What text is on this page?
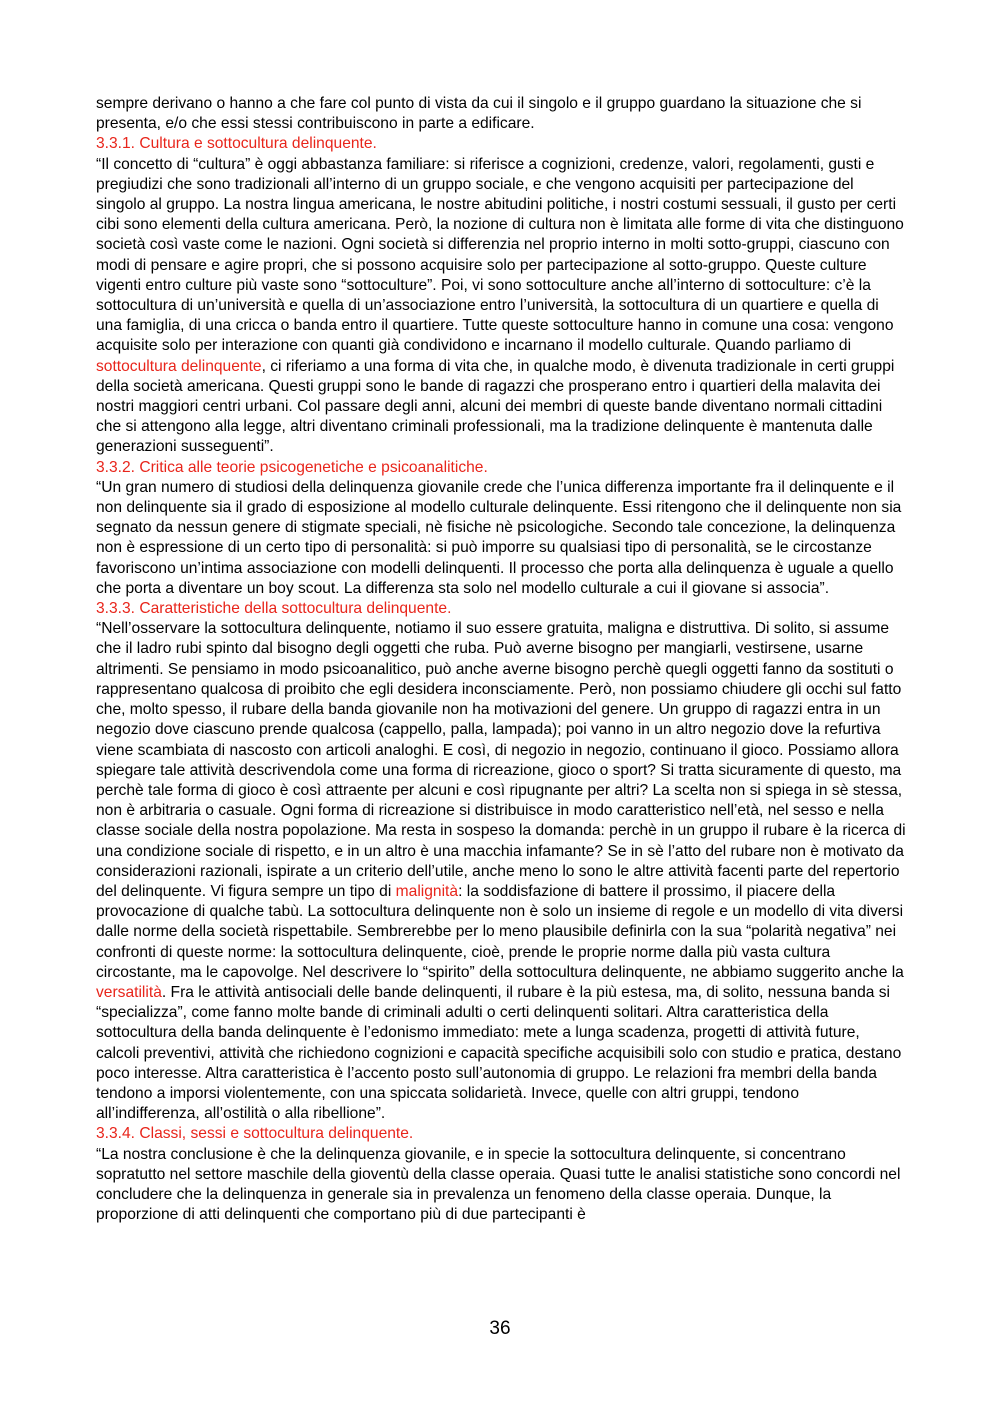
sempre derivano o hanno a che fare col punto di vista da cui il singolo e il gruppo guardano la situazione che si presenta, e/o che essi stessi contribuiscono in parte a edificare.

3.3.1. Cultura e sottocultura delinquente.

“Il concetto di “cultura” è oggi abbastanza familiare: si riferisce a cognizioni, credenze, valori, regolamenti, gusti e pregiudizi che sono tradizionali all’interno di un gruppo sociale, e che vengono acquisiti per partecipazione del singolo al gruppo. La nostra lingua americana, le nostre abitudini politiche, i nostri costumi sessuali, il gusto per certi cibi sono elementi della cultura americana. Però, la nozione di cultura non è limitata alle forme di vita che distinguono società così vaste come le nazioni. Ogni società si differenzia nel proprio interno in molti sotto-gruppi, ciascuno con modi di pensare e agire propri, che si possono acquisire solo per partecipazione al sotto-gruppo. Queste culture vigenti entro culture più vaste sono “sottoculture”. Poi, vi sono sottoculture anche all’interno di sottoculture: c’è la sottocultura di un’università e quella di un’associazione entro l’università, la sottocultura di un quartiere e quella di una famiglia, di una cricca o banda entro il quartiere. Tutte queste sottoculture hanno in comune una cosa: vengono acquisite solo per interazione con quanti già condividono e incarnano il modello culturale. Quando parliamo di sottocultura delinquente, ci riferiamo a una forma di vita che, in qualche modo, è divenuta tradizionale in certi gruppi della società americana. Questi gruppi sono le bande di ragazzi che prosperano entro i quartieri della malavita dei nostri maggiori centri urbani. Col passare degli anni, alcuni dei membri di queste bande diventano normali cittadini che si attengono alla legge, altri diventano criminali professionali, ma la tradizione delinquente è mantenuta dalle generazioni susseguenti”.

3.3.2. Critica alle teorie psicogenetiche e psicoanalitiche.

“Un gran numero di studiosi della delinquenza giovanile crede che l’unica differenza importante fra il delinquente e il non delinquente sia il grado di esposizione al modello culturale delinquente. Essi ritengono che il delinquente non sia segnato da nessun genere di stigmate speciali, nè fisiche nè psicologiche. Secondo tale concezione, la delinquenza non è espressione di un certo tipo di personalità: si può imporre su qualsiasi tipo di personalità, se le circostanze favoriscono un’intima associazione con modelli delinquenti. Il processo che porta alla delinquenza è uguale a quello che porta a diventare un boy scout. La differenza sta solo nel modello culturale a cui il giovane si associa”.

3.3.3. Caratteristiche della sottocultura delinquente.

“Nell’osservare la sottocultura delinquente, notiamo il suo essere gratuita, maligna e distruttiva. Di solito, si assume che il ladro rubi spinto dal bisogno degli oggetti che ruba. Può averne bisogno per mangiarli, vestirsene, usarne altrimenti. Se pensiamo in modo psicoanalitico, può anche averne bisogno perchè quegli oggetti fanno da sostituti o rappresentano qualcosa di proibito che egli desidera inconsciamente. Però, non possiamo chiudere gli occhi sul fatto che, molto spesso, il rubare della banda giovanile non ha motivazioni del genere. Un gruppo di ragazzi entra in un negozio dove ciascuno prende qualcosa (cappello, palla, lampada); poi vanno in un altro negozio dove la refurtiva viene scambiata di nascosto con articoli analoghi. E così, di negozio in negozio, continuano il gioco. Possiamo allora spiegare tale attività descrivendola come una forma di ricreazione, gioco o sport? Si tratta sicuramente di questo, ma perchè tale forma di gioco è così attraente per alcuni e così ripugnante per altri? La scelta non si spiega in sè stessa, non è arbitraria o casuale. Ogni forma di ricreazione si distribuisce in modo caratteristico nell’età, nel sesso e nella classe sociale della nostra popolazione. Ma resta in sospeso la domanda: perchè in un gruppo il rubare è la ricerca di una condizione sociale di rispetto, e in un altro è una macchia infamante? Se in sè l’atto del rubare non è motivato da considerazioni razionali, ispirate a un criterio dell’utile, anche meno lo sono le altre attività facenti parte del repertorio del delinquente. Vi figura sempre un tipo di malignità: la soddisfazione di battere il prossimo, il piacere della provocazione di qualche tabù. La sottocultura delinquente non è solo un insieme di regole e un modello di vita diversi dalle norme della società rispettabile. Sembrerebbe per lo meno plausibile definirla con la sua “polarità negativa” nei confronti di queste norme: la sottocultura delinquente, cioè, prende le proprie norme dalla più vasta cultura circostante, ma le capovolge. Nel descrivere lo “spirito” della sottocultura delinquente, ne abbiamo suggerito anche la versatilità. Fra le attività antisociali delle bande delinquenti, il rubare è la più estesa, ma, di solito, nessuna banda si “specializza”, come fanno molte bande di criminali adulti o certi delinquenti solitari. Altra caratteristica della sottocultura della banda delinquente è l’edonismo immediato: mete a lunga scadenza, progetti di attività future, calcoli preventivi, attività che richiedono cognizioni e capacità specifiche acquisibili solo con studio e pratica, destano poco interesse. Altra caratteristica è l’accento posto sull’autonomia di gruppo. Le relazioni fra membri della banda tendono a imporsi violentemente, con una spiccata solidarietà. Invece, quelle con altri gruppi, tendono all’indifferenza, all’ostilità o alla ribellione”.

3.3.4. Classi, sessi e sottocultura delinquente.

“La nostra conclusione è che la delinquenza giovanile, e in specie la sottocultura delinquente, si concentrano sopratutto nel settore maschile della gioventù della classe operaia. Quasi tutte le analisi statistiche sono concordi nel concludere che la delinquenza in generale sia in prevalenza un fenomeno della classe operaia. Dunque, la proporzione di atti delinquenti che comportano più di due partecipanti è

36
